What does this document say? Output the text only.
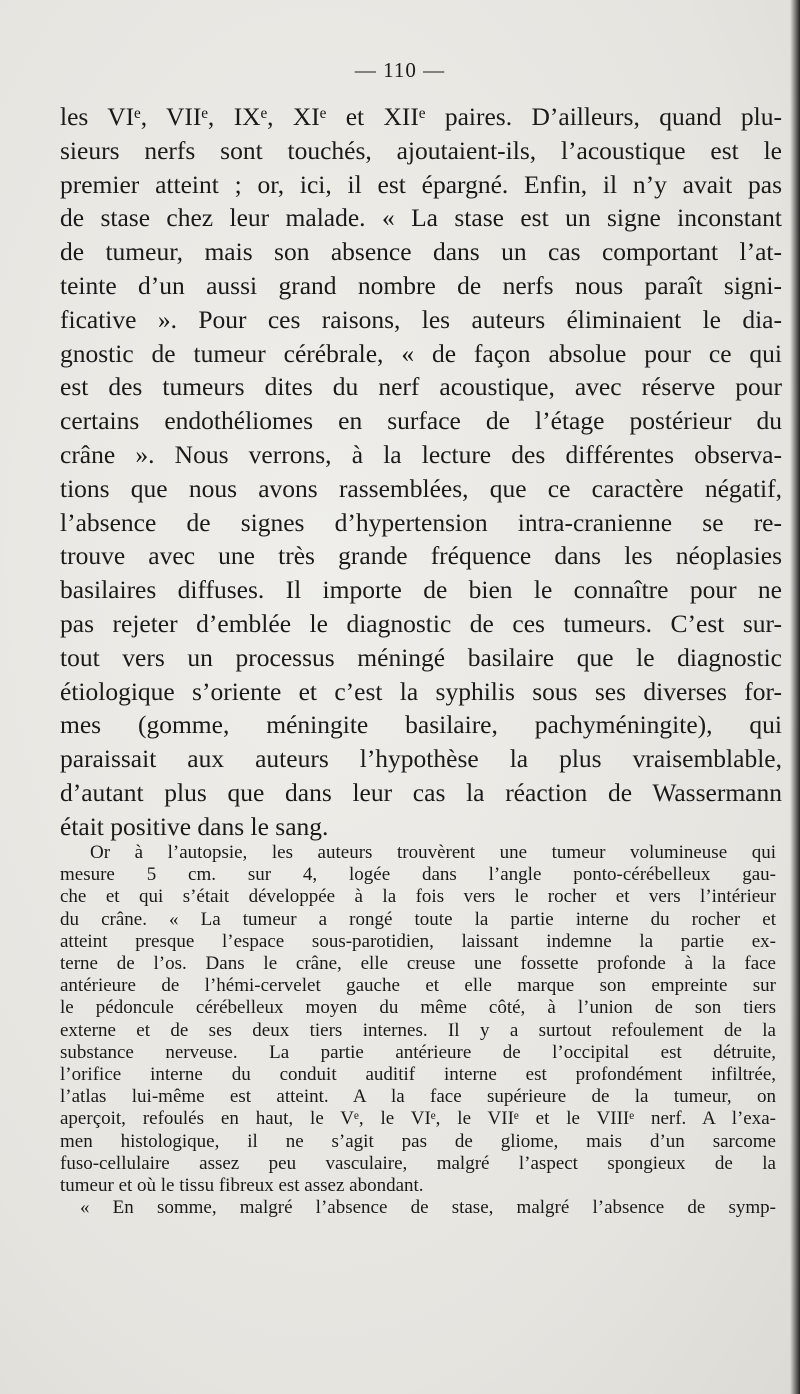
— 110 —
les VIᵉ, VIIᵉ, IXᵉ, XIᵉ et XIIᵉ paires. D’ailleurs, quand plu-
sieurs nerfs sont touchés, ajoutaient-ils, l’acoustique est le
premier atteint ; or, ici, il est épargné. Enfin, il n’y avait pas
de stase chez leur malade. « La stase est un signe inconstant
de tumeur, mais son absence dans un cas comportant l’at-
teinte d’un aussi grand nombre de nerfs nous paraît signi-
ficative ». Pour ces raisons, les auteurs éliminaient le dia-
gnostic de tumeur cérébrale, « de façon absolue pour ce qui
est des tumeurs dites du nerf acoustique, avec réserve pour
certains endothéliomes en surface de l’étage postérieur du
crâne ». Nous verrons, à la lecture des différentes observa-
tions que nous avons rassemblées, que ce caractère négatif,
l’absence de signes d’hypertension intra-cranienne se re-
trouve avec une très grande fréquence dans les néoplasies
basilaires diffuses. Il importe de bien le connaître pour ne
pas rejeter d’emblée le diagnostic de ces tumeurs. C’est sur-
tout vers un processus méningé basilaire que le diagnostic
étiologique s’oriente et c’est la syphilis sous ses diverses for-
mes (gomme, méningite basilaire, pachyméningite), qui
paraissait aux auteurs l’hypothèse la plus vraisemblable,
d’autant plus que dans leur cas la réaction de Wassermann
était positive dans le sang.
Or à l’autopsie, les auteurs trouvèrent une tumeur volumineuse qui
mesure 5 cm. sur 4, logée dans l’angle ponto-cérébelleux gau-
che et qui s’était développée à la fois vers le rocher et vers l’intérieur
du crâne. « La tumeur a rongé toute la partie interne du rocher et
atteint presque l’espace sous-parotidien, laissant indemne la partie ex-
terne de l’os. Dans le crâne, elle creuse une fossette profonde à la face
antérieure de l’hémi-cervelet gauche et elle marque son empreinte sur
le pédoncule cérébelleux moyen du même côté, à l’union de son tiers
externe et de ses deux tiers internes. Il y a surtout refoulement de la
substance nerveuse. La partie antérieure de l’occipital est détruite,
l’orifice interne du conduit auditif interne est profondément infiltrée,
l’atlas lui-même est atteint. A la face supérieure de la tumeur, on
aperçoit, refoulés en haut, le Vᵉ, le VIᵉ, le VIIᵉ et le VIIIᵉ nerf. A l’exa-
men histologique, il ne s’agit pas de gliome, mais d’un sarcome
fuso-cellulaire assez peu vasculaire, malgré l’aspect spongieux de la
tumeur et où le tissu fibreux est assez abondant.
« En somme, malgré l’absence de stase, malgré l’absence de symp-
